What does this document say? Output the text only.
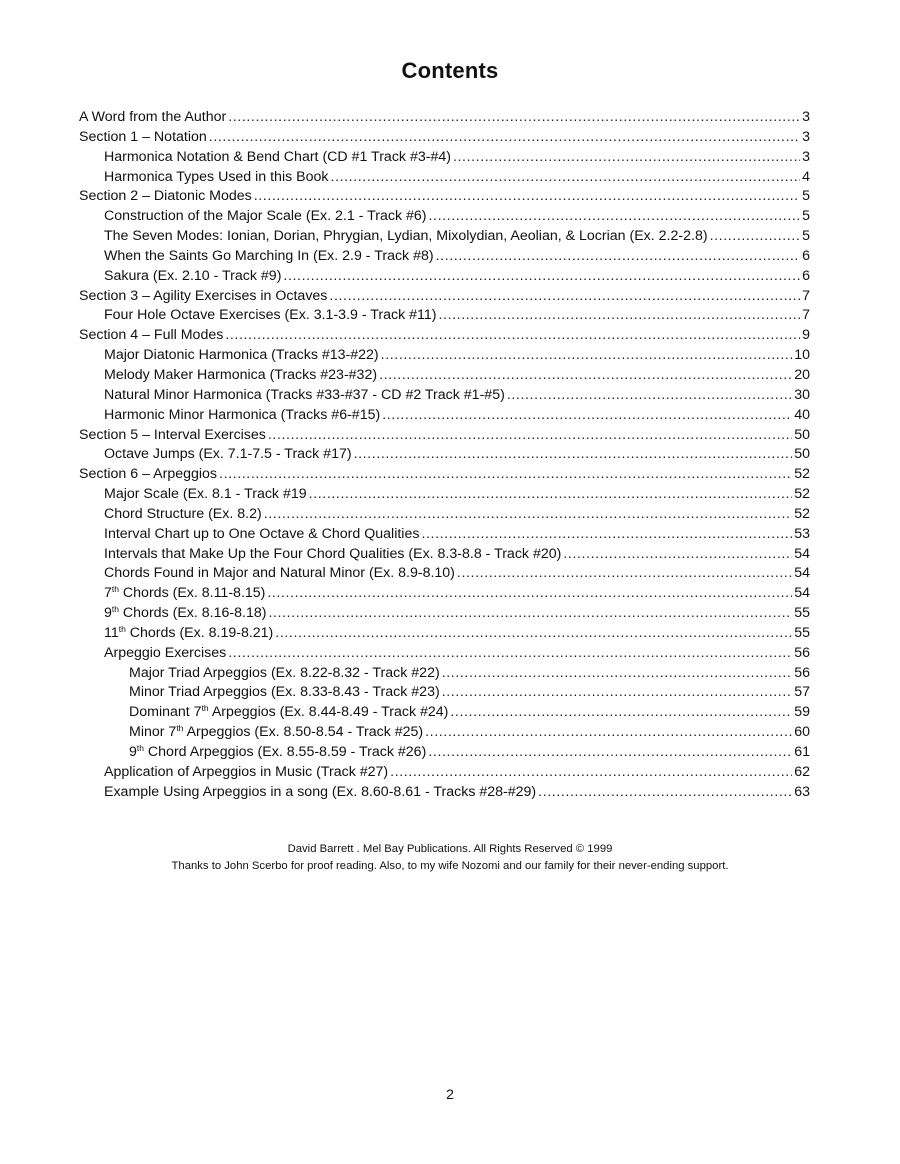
Contents
A Word from the Author .....	3
Section 1 – Notation .....	3
Harmonica Notation & Bend Chart (CD #1 Track #3-#4) .....	3
Harmonica Types Used in this Book .....	4
Section 2 – Diatonic Modes .....	5
Construction of the Major Scale (Ex. 2.1 - Track #6) .....	5
The Seven Modes: Ionian, Dorian, Phrygian, Lydian, Mixolydian, Aeolian, & Locrian (Ex. 2.2-2.8) .....	5
When the Saints Go Marching In (Ex. 2.9 - Track #8) .....	6
Sakura (Ex. 2.10 - Track #9) .....	6
Section 3 – Agility Exercises in Octaves .....	7
Four Hole Octave Exercises (Ex. 3.1-3.9 - Track #11) .....	7
Section 4 – Full Modes .....	9
Major Diatonic Harmonica (Tracks #13-#22) .....	10
Melody Maker Harmonica (Tracks #23-#32) .....	20
Natural Minor Harmonica (Tracks #33-#37 - CD #2 Track #1-#5) .....	30
Harmonic Minor Harmonica (Tracks #6-#15) .....	40
Section 5 – Interval Exercises .....	50
Octave Jumps (Ex. 7.1-7.5 - Track #17) .....	50
Section 6 – Arpeggios .....	52
Major Scale (Ex. 8.1 - Track #19 .....	52
Chord Structure (Ex. 8.2) .....	52
Interval Chart up to One Octave & Chord Qualities .....	53
Intervals that Make Up the Four Chord Qualities (Ex. 8.3-8.8 - Track #20) .....	54
Chords Found in Major and Natural Minor (Ex. 8.9-8.10) .....	54
7th Chords (Ex. 8.11-8.15) .....	54
9th Chords (Ex. 8.16-8.18) .....	55
11th Chords (Ex. 8.19-8.21) .....	55
Arpeggio Exercises .....	56
Major Triad Arpeggios (Ex. 8.22-8.32 - Track #22) .....	56
Minor Triad Arpeggios (Ex. 8.33-8.43 - Track #23) .....	57
Dominant 7th Arpeggios (Ex. 8.44-8.49 - Track #24) .....	59
Minor 7th Arpeggios (Ex. 8.50-8.54 - Track #25) .....	60
9th Chord Arpeggios (Ex. 8.55-8.59 - Track #26) .....	61
Application of Arpeggios in Music (Track #27) .....	62
Example Using Arpeggios in a song (Ex. 8.60-8.61 - Tracks #28-#29) .....	63
David Barrett . Mel Bay Publications. All Rights Reserved © 1999
Thanks to John Scerbo for proof reading. Also, to my wife Nozomi and our family for their never-ending support.
2
